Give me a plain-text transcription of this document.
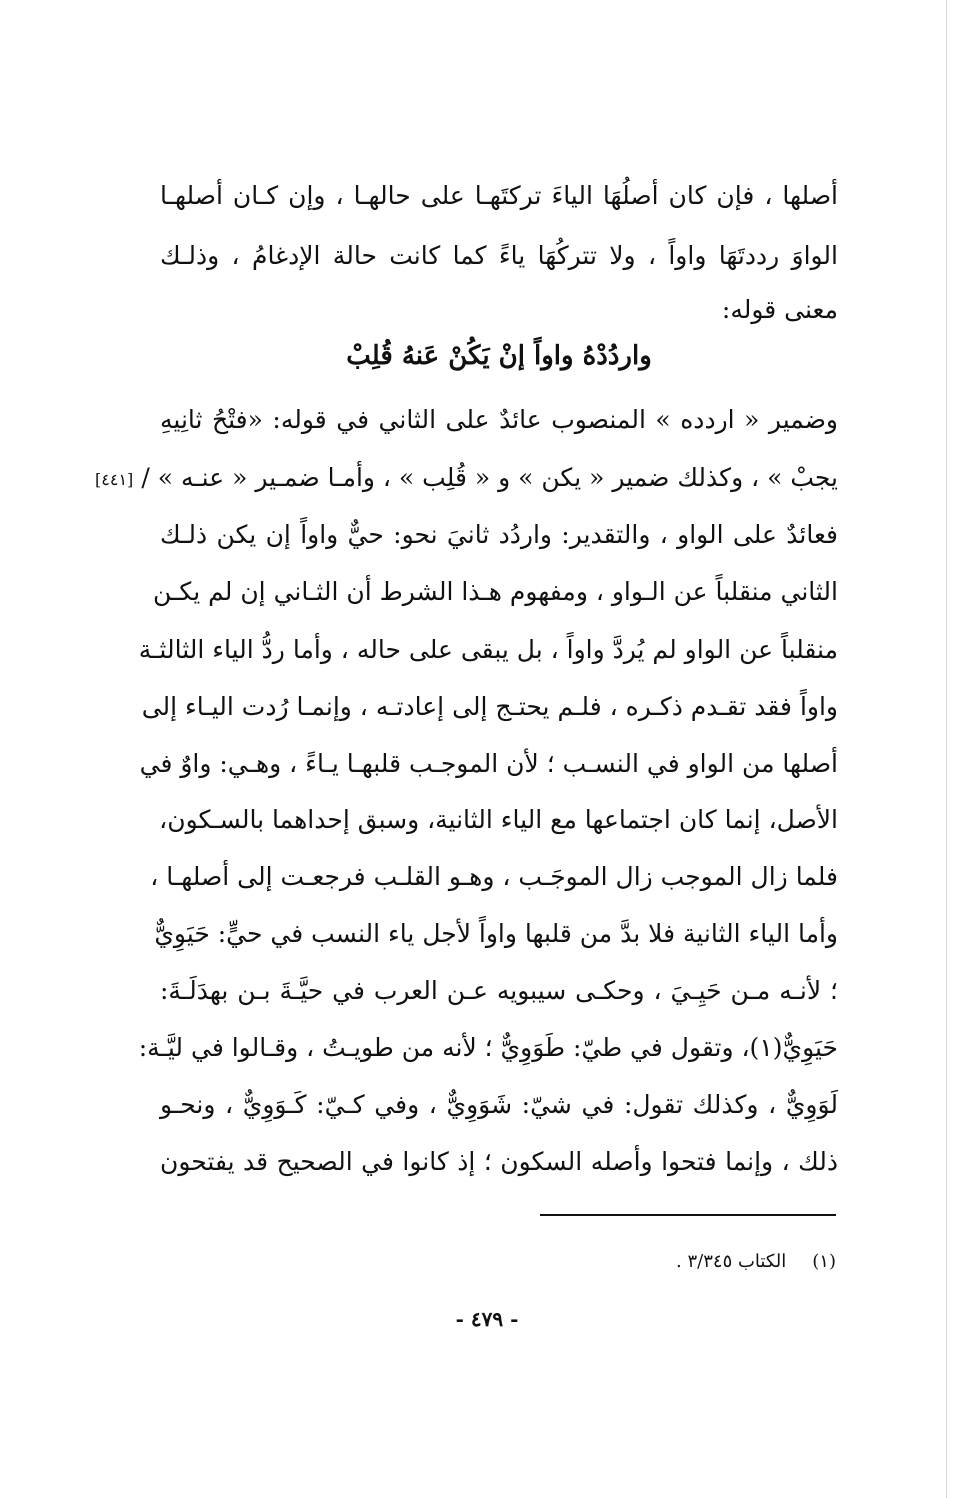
أصلها ، فإن كان أصلُهَا الياءَ تركتَهـا على حالهـا ، وإن كـان أصلهـا
الواوَ رددتَهَا واواً ، ولا تتركُهَا ياءً كما كانت حالة الإدغامُ ، وذلـك
معنى قوله:
واردُدْهُ واواً إنْ يَكُنْ عَنهُ قُلِبْ
وضمير « اردده » المنصوب عائدٌ على الثاني في قوله: «فتْحُ ثانِيهِ
يجبْ » ، وكذلك ضمير « يكن » و « قُلِب » ، وأمـا ضمـير « عنـه » /
[٤٤١]
فعائدٌ على الواو ، والتقدير: واردُد ثانيَ نحو: حيٌّ واواً إن يكن ذلـك
الثاني منقلباً عن الـواو ، ومفهوم هـذا الشرط أن الثـاني إن لم يكـن
منقلباً عن الواو لم يُردَّ واواً ، بل يبقى على حاله ، وأما ردُّ الياء الثالثـة
واواً فقد تقـدم ذكـره ، فلـم يحتـج إلى إعادتـه ، وإنمـا رُدت اليـاء إلى
أصلها من الواو في النسـب ؛ لأن الموجـب قلبهـا يـاءً ، وهـي: واوٌ في
الأصل، إنما كان اجتماعها مع الياء الثانية، وسبق إحداهما بالسـكون،
فلما زال الموجب زال الموجَـب ، وهـو القلـب فرجعـت إلى أصلهـا ،
وأما الياء الثانية فلا بدَّ من قلبها واواً لأجل ياء النسب في حيٍّ: حَيَوِيٌّ
؛ لأنـه مـن حَيِـيَ ، وحكـى سيبويه عـن العرب في حيَّـةَ بـن بهدَلَـةَ:
حَيَوِيٌّ(١)، وتقول في طيّ: طَوَوِيٌّ ؛ لأنه من طويـتُ ، وقـالوا في ليَّـة:
لَوَوِيٌّ ، وكذلك تقول: في شيّ: شَوَوِيٌّ ، وفي كـيّ: كَـوَوِيٌّ ، ونحـو
ذلك ، وإنما فتحوا وأصله السكون ؛ إذ كانوا في الصحيح قد يفتحون
(١)الكتاب ٣/٣٤٥ .
- ٤٧٩ -
